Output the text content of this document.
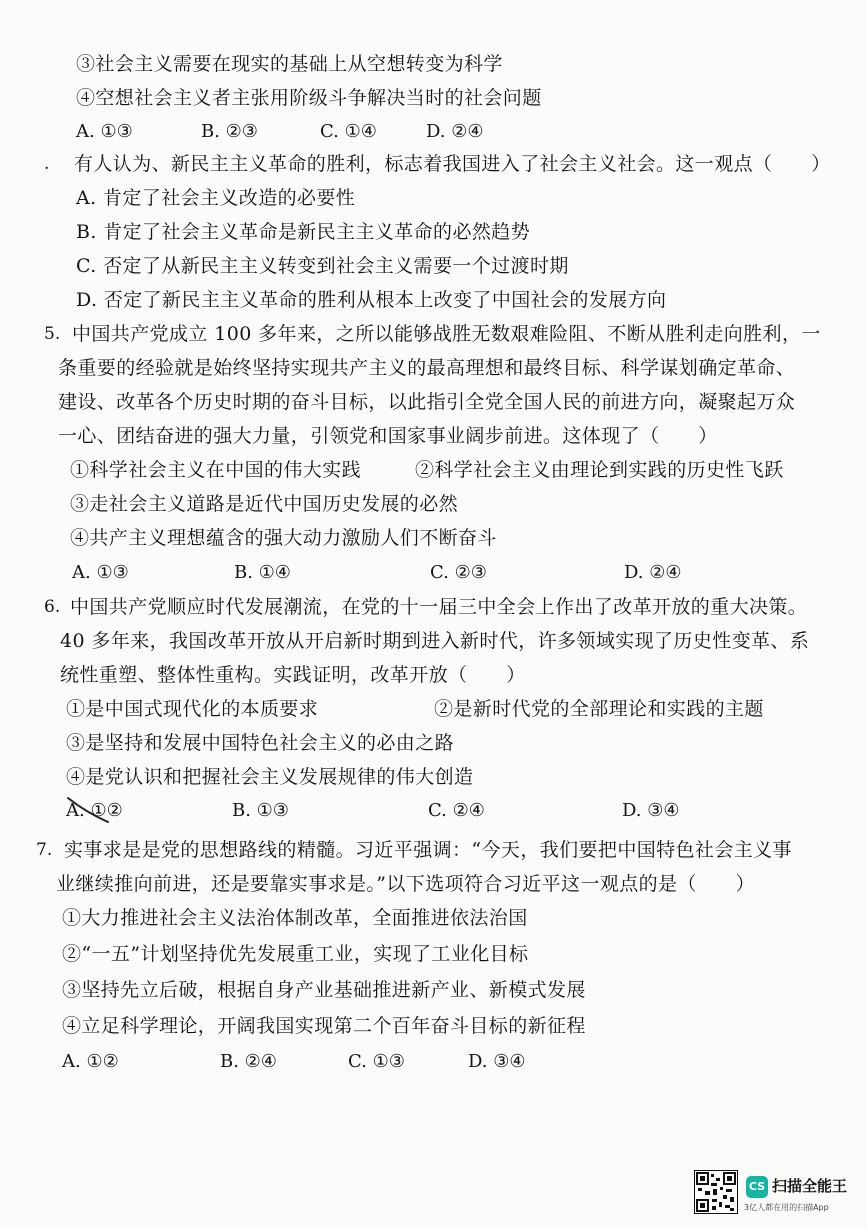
③社会主义需要在现实的基础上从空想转变为科学
④空想社会主义者主张用阶级斗争解决当时的社会问题
A. ①③	B. ②③	C. ①④	D. ②④
. 有人认为、新民主主义革命的胜利，标志着我国进入了社会主义社会。这一观点（　　）
A. 肯定了社会主义改造的必要性
B. 肯定了社会主义革命是新民主主义革命的必然趋势
C. 否定了从新民主主义转变到社会主义需要一个过渡时期
D. 否定了新民主主义革命的胜利从根本上改变了中国社会的发展方向
5. 中国共产党成立 100 多年来，之所以能够战胜无数艰难险阻、不断从胜利走向胜利，一
条重要的经验就是始终坚持实现共产主义的最高理想和最终目标、科学谋划确定革命、
建设、改革各个历史时期的奋斗目标，以此指引全党全国人民的前进方向，凝聚起万众
一心、团结奋进的强大力量，引领党和国家事业阔步前进。这体现了（　　）
①科学社会主义在中国的伟大实践	②科学社会主义由理论到实践的历史性飞跃
③走社会主义道路是近代中国历史发展的必然
④共产主义理想蕴含的强大动力激励人们不断奋斗
A. ①③	B. ①④	C. ②③	D. ②④
6. 中国共产党顺应时代发展潮流，在党的十一届三中全会上作出了改革开放的重大决策。
40 多年来，我国改革开放从开启新时期到进入新时代，许多领域实现了历史性变革、系
统性重塑、整体性重构。实践证明，改革开放（　　）
①是中国式现代化的本质要求	②是新时代党的全部理论和实践的主题
③是坚持和发展中国特色社会主义的必由之路
④是党认识和把握社会主义发展规律的伟大创造
A. ①②	B. ①③	C. ②④	D. ③④
7. 实事求是是党的思想路线的精髓。习近平强调：“今天，我们要把中国特色社会主义事
业继续推向前进，还是要靠实事求是。”以下选项符合习近平这一观点的是（　　）
①大力推进社会主义法治体制改革，全面推进依法治国
②“一五”计划坚持优先发展重工业，实现了工业化目标
③坚持先立后破，根据自身产业基础推进新产业、新模式发展
④立足科学理论，开阔我国实现第二个百年奋斗目标的新征程
A. ①②	B. ②④	C. ①③	D. ③④
CS 扫描全能王
3亿人都在用的扫描App
